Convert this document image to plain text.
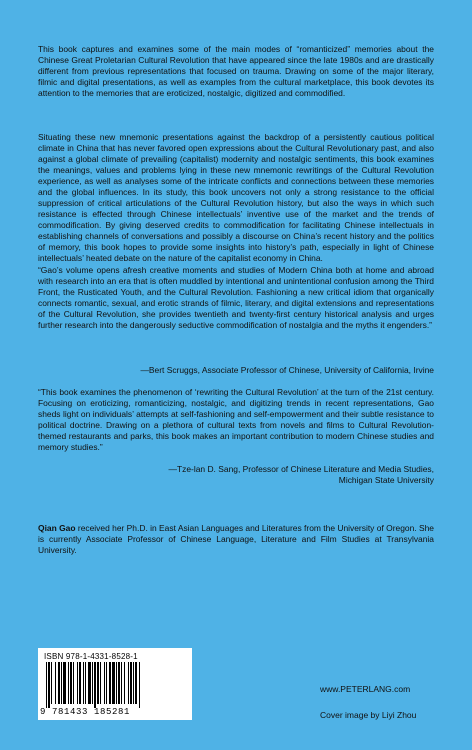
This book captures and examines some of the main modes of “romanticized” memories about the Chinese Great Proletarian Cultural Revolution that have appeared since the late 1980s and are drastically different from previous representations that focused on trauma. Drawing on some of the major literary, filmic and digital presentations, as well as examples from the cultural marketplace, this book devotes its attention to the memories that are eroticized, nostalgic, digitized and commodified.

Situating these new mnemonic presentations against the backdrop of a persistently cautious political climate in China that has never favored open expressions about the Cultural Revolutionary past, and also against a global climate of prevailing (capitalist) modernity and nostalgic sentiments, this book examines the meanings, values and problems lying in these new mnemonic rewritings of the Cultural Revolution experience, as well as analyses some of the intricate conflicts and connections between these memories and the global influences. In its study, this book uncovers not only a strong resistance to the official suppression of critical articulations of the Cultural Revolution history, but also the ways in which such resistance is effected through Chinese intellectuals’ inventive use of the market and the trends of commodification. By giving deserved credits to commodification for facilitating Chinese intellectuals in establishing channels of conversations and possibly a discourse on China’s recent history and the politics of memory, this book hopes to provide some insights into history’s path, especially in light of Chinese intellectuals’ heated debate on the nature of the capitalist economy in China.

“Gao’s volume opens afresh creative moments and studies of Modern China both at home and abroad with research into an era that is often muddled by intentional and unintentional confusion among the Third Front, the Rusticated Youth, and the Cultural Revolution. Fashioning a new critical idiom that organically connects romantic, sexual, and erotic strands of filmic, literary, and digital extensions and representations of the Cultural Revolution, she provides twentieth and twenty-first century historical analysis and urges further research into the dangerously seductive commodification of nostalgia and the myths it engenders.”

—Bert Scruggs, Associate Professor of Chinese, University of California, Irvine

“This book examines the phenomenon of ‘rewriting the Cultural Revolution’ at the turn of the 21st century. Focusing on eroticizing, romanticizing, nostalgic, and digitizing trends in recent representations, Gao sheds light on individuals’ attempts at self-fashioning and self-empowerment and their subtle resistance to political doctrine. Drawing on a plethora of cultural texts from novels and films to Cultural Revolution-themed restaurants and parks, this book makes an important contribution to modern Chinese studies and memory studies.”

—Tze-lan D. Sang, Professor of Chinese Literature and Media Studies,

Michigan State University

Qian Gao received her Ph.D. in East Asian Languages and Literatures from the University of Oregon. She is currently Associate Professor of Chinese Language, Literature and Film Studies at Transylvania University.

ISBN 978-1-4331-8528-1
9 781433 185281
www.PETERLANG.com
Cover image by Liyi Zhou
